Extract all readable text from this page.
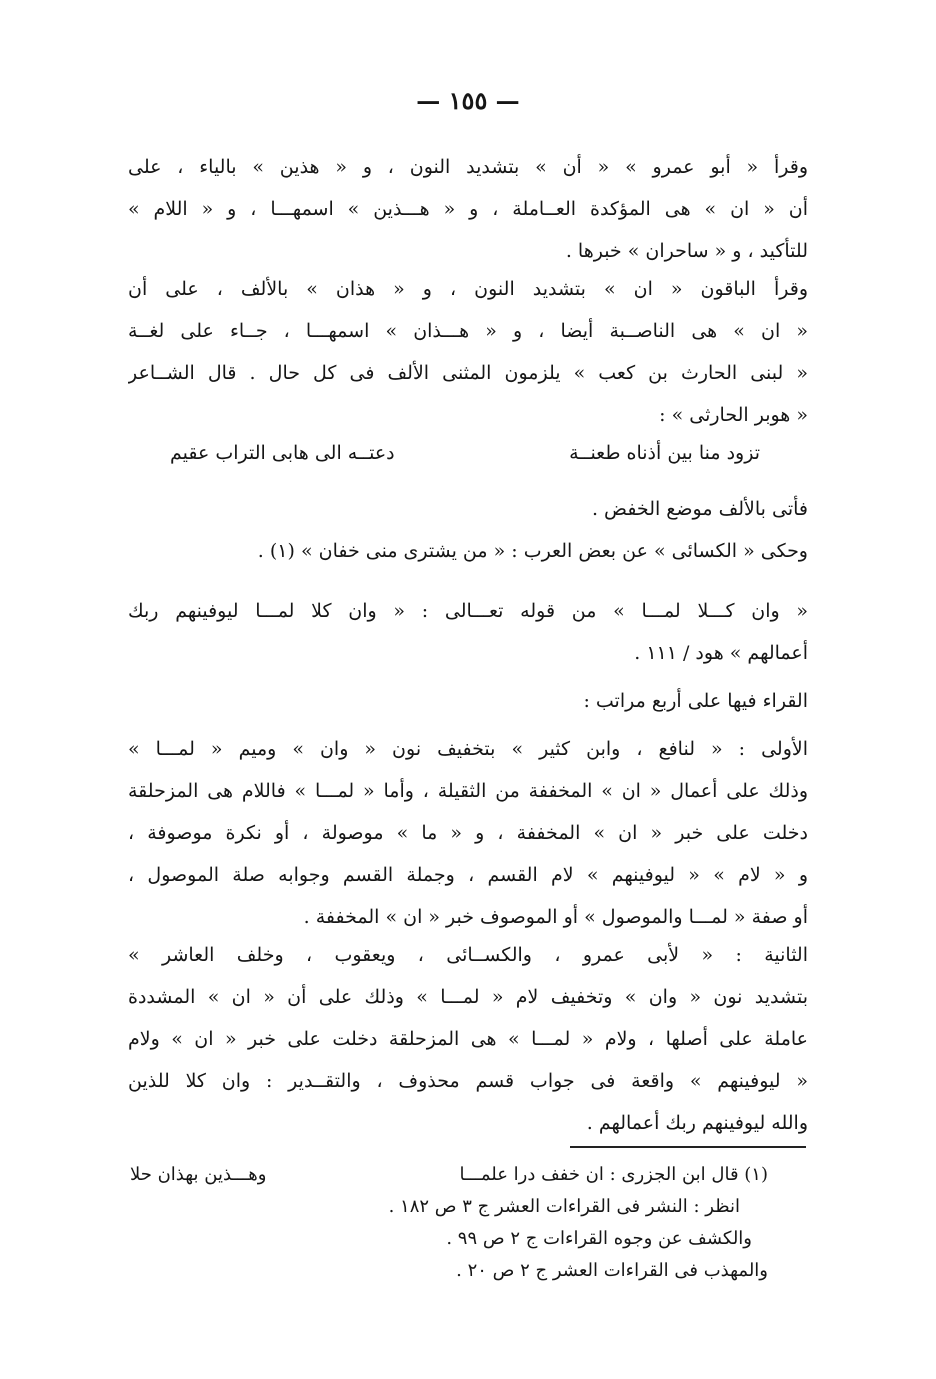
— ١٥٥ —
وقرأ « أبو عمرو » « أن » بتشديد النون ، و « هذين » بالياء ، على
أن « ان » هى المؤكدة العــاملة ، و « هـــذين » اسمهـــا ، و « اللام »
للتأكيد ، و « ساحران » خبرها .
وقرأ الباقون « ان » بتشديد النون ، و « هذان » بالألف ، على أن
« ان » هى الناصــبة أيضا ، و « هـــذان » اسمهـــا ، جــاء على لغــة
« لبنى الحارث بن كعب » يلزمون المثنى الألف فى كل حال . قال الشــاعر
« هوبر الحارثى » :
تزود منا بين أذناه طعنــة
دعتــه الى هابى التراب عقيم
فأتى بالألف موضع الخفض .
وحكى « الكسائى » عن بعض العرب : « من يشترى منى خفان » (١) .
« وان كـــلا لمـــا » من قوله تعـــالى : « وان كلا لمـــا ليوفينهم ربك
أعمالهم » هود / ١١١ .
القراء فيها على أربع مراتب :
الأولى : « لنافع ، وابن كثير » بتخفيف نون « وان » وميم « لمـــا »
وذلك على أعمال « ان » المخففة من الثقيلة ، وأما « لمـــا » فاللام هى المزحلقة
دخلت على خبر « ان » المخففة ، و « ما » موصولة ، أو نكرة موصوفة ،
و « لام » « ليوفينهم » لام القسم ، وجملة القسم وجوابه صلة الموصول ،
أو صفة « لمـــا والموصول » أو الموصوف خبر « ان » المخففة .
الثانية : « لأبى عمرو ، والكســائى ، ويعقوب ، وخلف العاشر »
بتشديد نون « وان » وتخفيف لام « لمـــا » وذلك على أن « ان » المشددة
عاملة على أصلها ، ولام « لمـــا » هى المزحلقة دخلت على خبر « ان » ولام
« ليوفينهم » واقعة فى جواب قسم محذوف ، والتقــدير : وان كلا للذين
والله ليوفينهم ربك أعمالهم .
(١) قال ابن الجزرى : ان خفف درا علمـــا
وهـــذين بهذان حلا
انظر : النشر فى القراءات العشر ج ٣ ص ١٨٢ .
والكشف عن وجوه القراءات ج ٢ ص ٩٩ .
والمهذب فى القراءات العشر ج ٢ ص ٢٠ .
